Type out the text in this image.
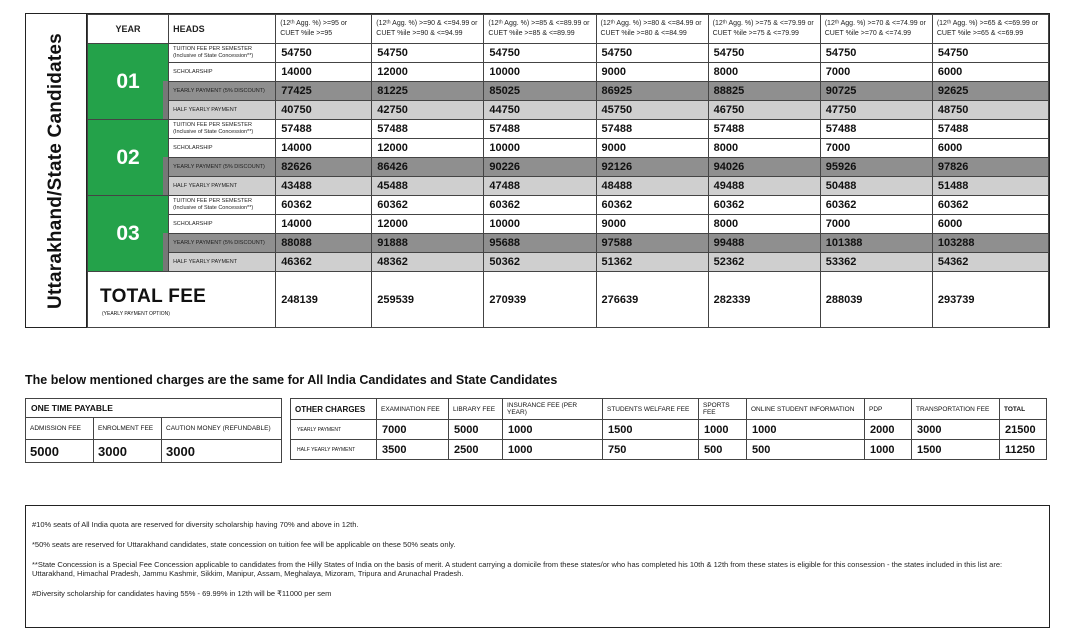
Uttarakhand/State Candidates
YEAR	HEADS	(12ᵗʰ Agg. %) >=95 or CUET %ile >=95	(12ᵗʰ Agg. %) >=90 & <=94.99 or CUET %ile >=90 & <=94.99	(12ᵗʰ Agg. %) >=85 & <=89.99 or CUET %ile >=85 & <=89.99	(12ᵗʰ Agg. %) >=80 & <=84.99 or CUET %ile >=80 & <=84.99	(12ᵗʰ Agg. %) >=75 & <=79.99 or CUET %ile >=75 & <=79.99	(12ᵗʰ Agg. %) >=70 & <=74.99 or CUET %ile >=70 & <=74.99	(12ᵗʰ Agg. %) >=65 & <=69.99 or CUET %ile >=65 & <=69.99
01	TUITION FEE PER SEMESTER (Inclusive of State Concession**)	54750	54750	54750	54750	54750	54750	54750
	SCHOLARSHIP	14000	12000	10000	9000	8000	7000	6000
	YEARLY PAYMENT (5% DISCOUNT)	77425	81225	85025	86925	88825	90725	92625
	HALF YEARLY PAYMENT	40750	42750	44750	45750	46750	47750	48750
02	TUITION FEE PER SEMESTER (Inclusive of State Concession**)	57488	57488	57488	57488	57488	57488	57488
	SCHOLARSHIP	14000	12000	10000	9000	8000	7000	6000
	YEARLY PAYMENT (5% DISCOUNT)	82626	86426	90226	92126	94026	95926	97826
	HALF YEARLY PAYMENT	43488	45488	47488	48488	49488	50488	51488
03	TUITION FEE PER SEMESTER (Inclusive of State Concession**)	60362	60362	60362	60362	60362	60362	60362
	SCHOLARSHIP	14000	12000	10000	9000	8000	7000	6000
	YEARLY PAYMENT (5% DISCOUNT)	88088	91888	95688	97588	99488	101388	103288
	HALF YEARLY PAYMENT	46362	48362	50362	51362	52362	53362	54362

TOTAL FEE
(YEARLY PAYMENT OPTION)		248139	259539	270939	276639	282339	288039	293739
The below mentioned charges are the same for All India Candidates and State Candidates
ONE TIME PAYABLE		
ADMISSION FEE	ENROLMENT FEE	CAUTION MONEY (REFUNDABLE)
5000	3000	3000
OTHER CHARGES	EXAMINATION FEE	LIBRARY FEE	INSURANCE FEE (PER YEAR)	STUDENTS WELFARE FEE	SPORTS FEE	ONLINE STUDENT INFORMATION	PDP	TRANSPORTATION FEE	TOTAL
YEARLY PAYMENT	7000	5000	1000	1500	1000	1000	2000	3000	21500
HALF YEARLY PAYMENT	3500	2500	1000	750	500	500	1000	1500	11250

#10% seats of All India quota are reserved for diversity scholarship having 70% and above in 12th.

*50% seats are reserved for Uttarakhand candidates, state concession on tuition fee will be applicable on these 50% seats only.

**State Concession is a Special Fee Concession applicable to candidates from the Hilly States of India on the basis of merit. A student carrying a domicile from these states/or who has completed his 10th & 12th from these states is eligible for this consession - the states included in this list are: Uttarakhand, Himachal Pradesh, Jammu Kashmir, Sikkim, Manipur, Assam, Meghalaya, Mizoram, Tripura and Arunachal Pradesh.

#Diversity scholarship for candidates having 55% - 69.99% in 12th will be ₹11000 per sem
